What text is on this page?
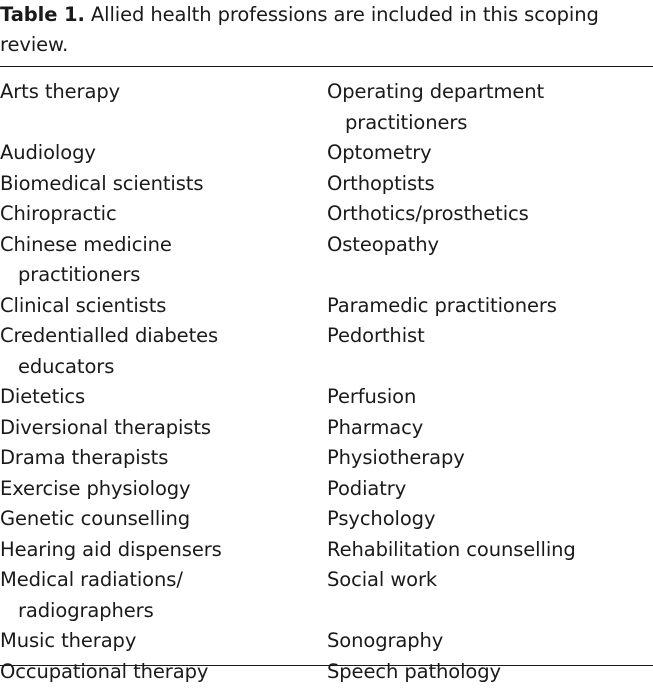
Table 1. Allied health professions are included in this scoping
review.
Arts therapy

Audiology
Biomedical scientists
Chiropractic
Chinese medicine
practitioners
Clinical scientists
Credentialled diabetes
educators
Dietetics
Diversional therapists
Drama therapists
Exercise physiology
Genetic counselling
Hearing aid dispensers
Medical radiations/
radiographers
Music therapy
Occupational therapy
Operating department
practitioners
Optometry
Orthoptists
Orthotics/prosthetics
Osteopathy

Paramedic practitioners
Pedorthist

Perfusion
Pharmacy
Physiotherapy
Podiatry
Psychology
Rehabilitation counselling
Social work

Sonography
Speech pathology
